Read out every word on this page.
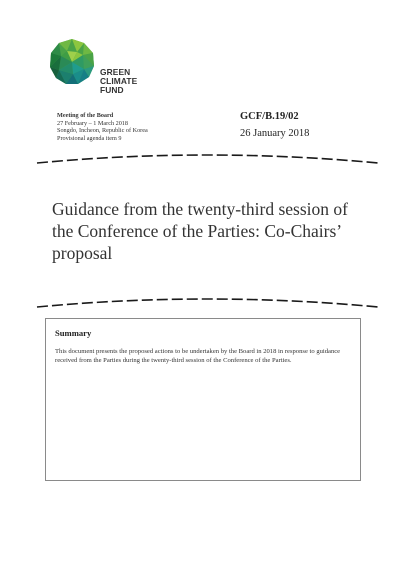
GREEN
CLIMATE
FUND
Meeting of the Board
27 February – 1 March 2018
Songdo, Incheon, Republic of Korea
Provisional agenda item 9
GCF/B.19/02
26 January 2018
Guidance from the twenty-third session of the Conference of the Parties: Co-Chairs’ proposal
Summary
This document presents the proposed actions to be undertaken by the Board in 2018 in response to guidance received from the Parties during the twenty-third session of the Conference of the Parties.
